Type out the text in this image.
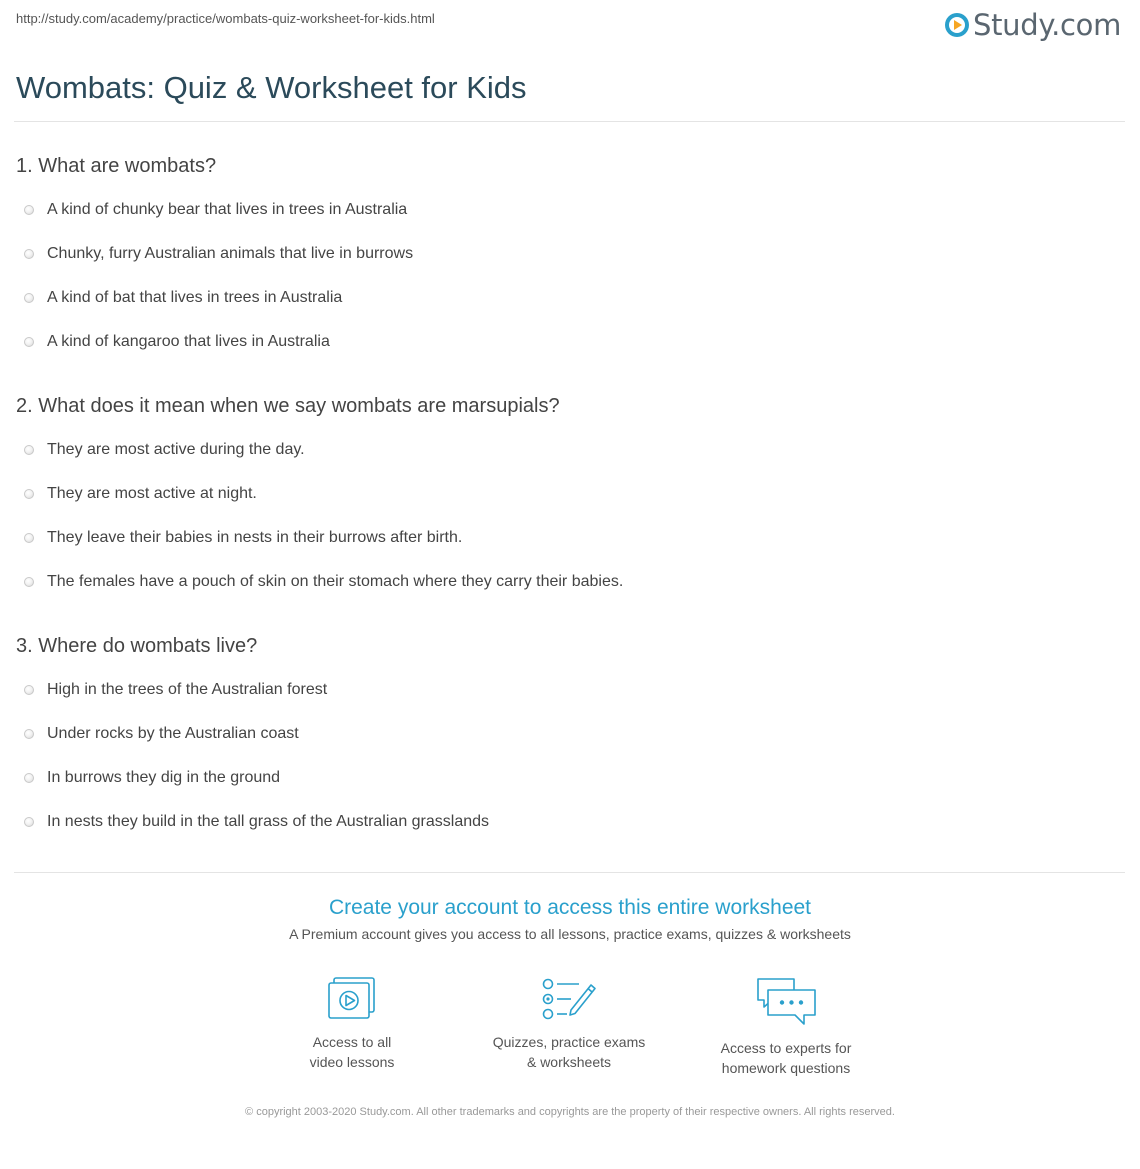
http://study.com/academy/practice/wombats-quiz-worksheet-for-kids.html	Study.com
Wombats: Quiz & Worksheet for Kids
1. What are wombats?
A kind of chunky bear that lives in trees in Australia
Chunky, furry Australian animals that live in burrows
A kind of bat that lives in trees in Australia
A kind of kangaroo that lives in Australia
2. What does it mean when we say wombats are marsupials?
They are most active during the day.
They are most active at night.
They leave their babies in nests in their burrows after birth.
The females have a pouch of skin on their stomach where they carry their babies.
3. Where do wombats live?
High in the trees of the Australian forest
Under rocks by the Australian coast
In burrows they dig in the ground
In nests they build in the tall grass of the Australian grasslands
Create your account to access this entire worksheet
A Premium account gives you access to all lessons, practice exams, quizzes & worksheets
Access to all
video lessons
Quizzes, practice exams
& worksheets
Access to experts for
homework questions
© copyright 2003-2020 Study.com. All other trademarks and copyrights are the property of their respective owners. All rights reserved.
